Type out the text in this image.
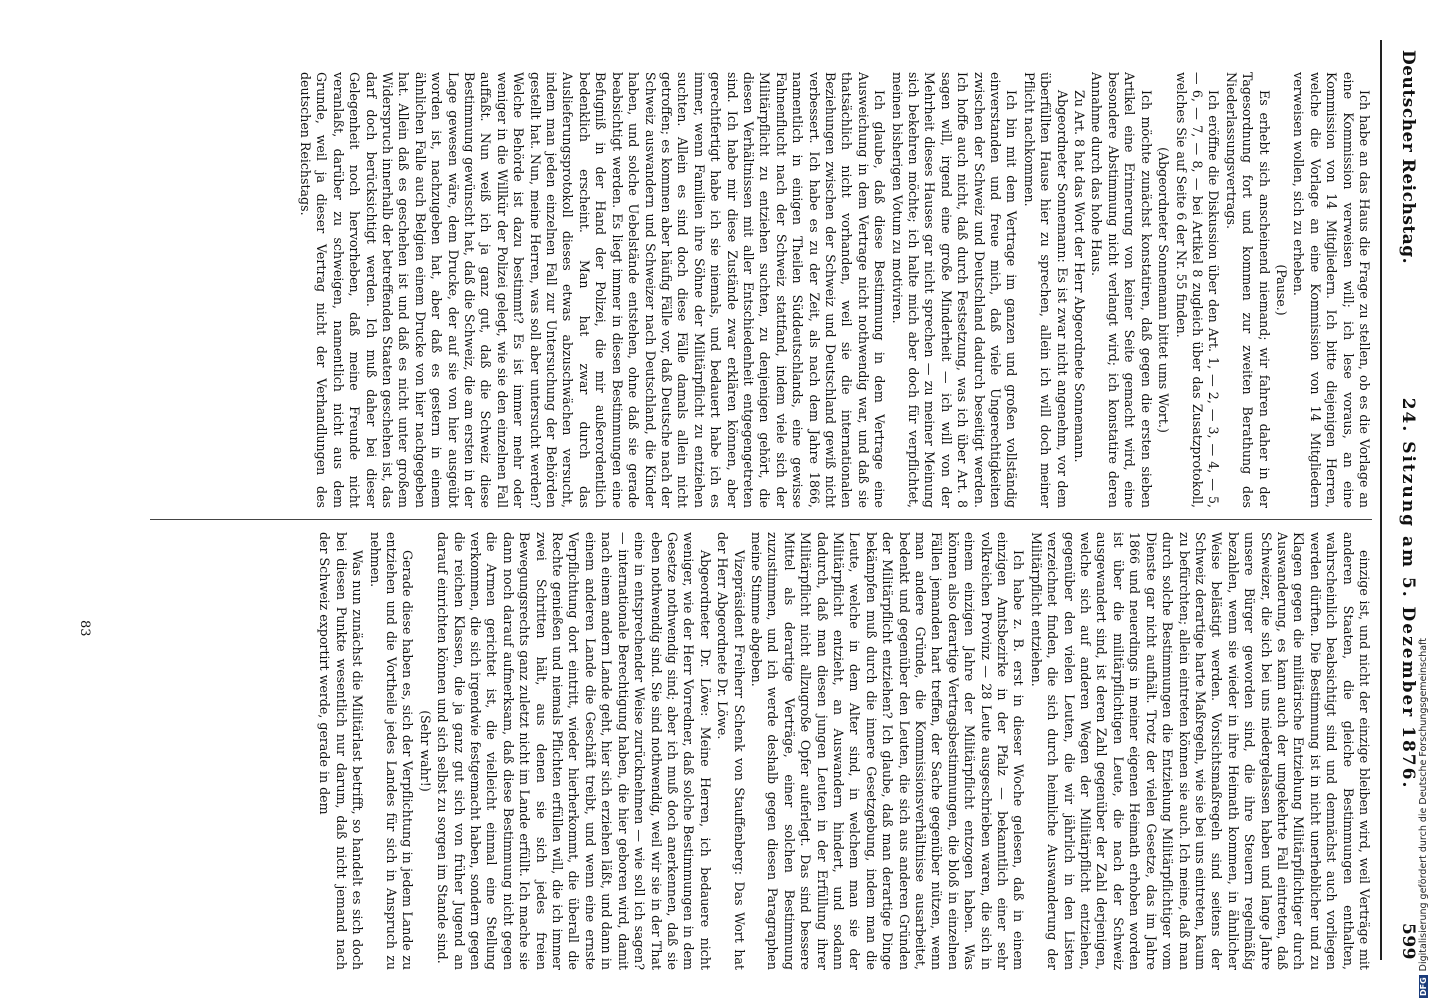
Deutscher Reichstag.
24. Sitzung am 5. Dezember 1876.
599

Ich habe an das Haus die Frage zu stellen, ob es die Vorlage an eine Kommission verweisen will; ich lese voraus, an eine Kommission von 14 Mitgliedern. Ich bitte diejenigen Herren, welche die Vorlage an eine Kommission von 14 Mitgliedern verweisen wollen, sich zu erheben.

(Pause.)

Es erhebt sich anscheinend niemand; wir fahren daher in der Tagesordnung fort und kommen zur zweiten Berathung des Niederlassungsvertrags.

Ich eröffne die Diskussion über den Art. 1, — 2, — 3, — 4, — 5, — 6, — 7, — 8, — bei Artikel 8 zugleich über das Zusatzprotokoll, welches Sie auf Seite 6 der Nr. 55 finden.

(Abgeordneter Sonnemann bittet ums Wort.)

Ich möchte zunächst konstatiren, daß gegen die ersten sieben Artikel eine Erinnerung von keiner Seite gemacht wird, eine besondere Abstimmung nicht verlangt wird; ich konstatire deren Annahme durch das hohe Haus.

Zu Art. 8 hat das Wort der Herr Abgeordnete Sonnemann.

Abgeordneter Sonnemann: Es ist zwar nicht angenehm, vor dem überfüllten Hause hier zu sprechen, allein ich will doch meiner Pflicht nachkommen.

Ich bin mit dem Vertrage im ganzen und großen vollständig einverstanden und freue mich, daß viele Ungerechtigkeiten zwischen der Schweiz und Deutschland dadurch beseitigt werden. Ich hoffe auch nicht, daß durch Festsetzung, was ich über Art. 8 sagen will, irgend eine große Minderheit — ich will von der Mehrheit dieses Hauses gar nicht sprechen — zu meiner Meinung sich bekehren möchte; ich halte mich aber doch für verpflichtet, meinen bisherigen Votum zu motiviren.

Ich glaube, daß diese Bestimmung in dem Vertrage eine Ausweichung in dem Vertrage nicht nothwendig war, und daß sie thatsächlich nicht vorhanden, weil sie die internationalen Beziehungen zwischen der Schweiz und Deutschland gewiß nicht verbessert. Ich habe es zu der Zeit, als nach dem Jahre 1866, namentlich in einigen Theilen Süddeutschlands, eine gewisse Fahnenflucht nach der Schweiz stattfand, indem viele sich der Militärpflicht zu entziehen suchten, zu denjenigen gehört, die diesen Verhältnissen mit aller Entschiedenheit entgegengetreten sind. Ich habe mir diese Zustände zwar erklären können, aber gerechtfertigt habe ich sie niemals, und bedauert habe ich es immer, wenn Familien ihre Söhne der Militärpflicht zu entziehen suchten. Allein es sind doch diese Fälle damals allein nicht getroffen; es kommen aber häufig Fälle vor, daß Deutsche nach der Schweiz auswandern und Schweizer nach Deutschland, die Kinder haben, und solche Uebelstände entstehen, ohne daß sie gerade beabsichtigt werden. Es liegt immer in diesen Bestimmungen eine Befugniß in der Hand der Polizei, die mir außerordentlich bedenklich erscheint. Man hat zwar durch das Auslieferungsprotokoll dieses etwas abzuschwächen versucht, indem man jeden einzelnen Fall zur Untersuchung der Behörden gestellt hat. Nun, meine Herren, was soll aber untersucht werden? Welche Behörde ist dazu bestimmt? Es ist immer mehr oder weniger in die Willkür der Polizei gelegt, wie sie den einzelnen Fall auffaßt. Nun weiß ich ja ganz gut, daß die Schweiz diese Bestimmung gewünscht hat, daß die Schweiz, die am ersten in der Lage gewesen wäre, dem Drucke, der auf sie von hier ausgeübt worden ist, nachzugeben hat, aber daß es gestern in einem ähnlichen Falle auch Belgien einem Drucke von hier nachgegeben hat. Allein daß es geschehen ist und daß es nicht unter großem Widerspruch innerhalb der betreffenden Staaten geschehen ist, das darf doch berücksichtigt werden. Ich muß daher bei dieser Gelegenheit noch hervorheben, daß meine Freunde nicht veranlaßt, darüber zu schweigen, namentlich nicht aus dem Grunde, weil ja dieser Vertrag nicht der Verhandlungen des deutschen Reichstags.

einzige ist, und nicht der einzige bleiben wird, weil Verträge mit anderen Staaten, die gleiche Bestimmungen enthalten, wahrscheinlich beabsichtigt sind und demnächst auch vorliegen werden dürften. Die Bestimmung ist in nicht unerheblicher und zu Klagen gegen die militärische Entziehung Militärpflichtiger durch Auswanderung, es kann auch der umgekehrte Fall eintreten, daß Schweizer, die sich bei uns niedergelassen haben und lange Jahre unsere Bürger geworden sind, die ihre Steuern regelmäßig bezahlen, wenn sie wieder in ihre Heimath kommen, in ähnlicher Weise belästigt werden. Vorsichtsmaßregeln sind seitens der Schweiz derartige harte Maßregeln, wie sie bei uns eintreten, kaum zu befürchten; allein eintreten können sie auch. Ich meine, daß man durch solche Bestimmungen die Entziehung Militärpflichtiger vom Dienste gar nicht aufhält. Trotz der vielen Gesetze, das im Jahre 1866 und neuerdings in meiner eigenen Heimath erhoben worden ist über die militärpflichtigen Leute, die nach der Schweiz ausgewandert sind, ist deren Zahl gegenüber der Zahl derjenigen, welche sich auf anderen Wegen der Militärpflicht entziehen, gegenüber den vielen Leuten, die wir jährlich in den Listen verzeichnet finden, die sich durch heimliche Auswanderung der Militärpflicht entziehen.

Ich habe z. B. erst in dieser Woche gelesen, daß in einem einzigen Amtsbezirke in der Pfalz — bekanntlich einer sehr volkreichen Provinz — 28 Leute ausgeschrieben waren, die sich in einem einzigen Jahre der Militärpflicht entzogen haben. Was können also derartige Vertragsbestimmungen, die bloß in einzelnen Fällen jemanden hart treffen, der Sache gegenüber nützen, wenn man andere Gründe, die Kommissionsverhältnisse ausarbeitet, bedenkt und gegenüber den Leuten, die sich aus anderen Gründen der Militärpflicht entziehen? Ich glaube, daß man derartige Dinge bekämpfen muß durch die innere Gesetzgebung, indem man die Leute, welche in dem Alter sind, in welchem man sie der Militärpflicht entzieht, an Auswandern hindert, und sodann dadurch, daß man diesen jungen Leuten in der Erfüllung ihrer Militärpflicht nicht allzugroße Opfer auferlegt. Das sind bessere Mittel als derartige Verträge, einer solchen Bestimmung zuzustimmen, und ich werde deshalb gegen diesen Paragraphen meine Stimme abgeben.

Vizepräsident Freiherr Schenk von Stauffenberg: Das Wort hat der Herr Abgeordnete Dr. Löwe.

Abgeordneter Dr. Löwe: Meine Herren, ich bedauere nicht weniger, wie der Herr Vorredner, daß solche Bestimmungen in dem Gesetze nothwendig sind; aber ich muß doch anerkennen, daß sie eben nothwendig sind. Sie sind nothwendig, weil wir sie in der That eine in entsprechender Weise zurücknehmen — wie soll ich sagen? — internationale Berechtigung haben, die hier geboren wird, damit nach einem andern Lande geht, hier sich erziehen läßt, und dann in einem anderen Lande die Geschäft treibt, und wenn eine ernste Verpflichtung dort eintritt, wieder hierherkommt, die überall die Rechte genießen und niemals Pflichten erfüllen will, die ich immer zwei Schritten hält, aus denen sie sich jedes freien Bewegungsrechts ganz zuletzt nicht im Lande erfüllt. Ich mache sie dann noch darauf aufmerksam, daß diese Bestimmung nicht gegen die Armen gerichtet ist, die vielleicht einmal eine Stellung verkommen, die sich irgendwie festgemacht haben, sondern gegen die reichen Klassen, die ja ganz gut sich von früher Jugend an darauf einrichten können und sich selbst zu sorgen im Stande sind.

(Sehr wahr!)

Gerade diese haben es, sich der Verpflichtung in jedem Lande zu entziehen und die Vortheile jedes Landes für sich in Anspruch zu nehmen.

Was nun zunächst die Militärlast betrifft, so handelt es sich doch bei diesen Punkte wesentlich nur darum, daß nicht jemand nach der Schweiz exportirt werde, gerade in dem

83
DFGDigitalisierung gefördert durch die Deutsche Forschungsgemeinschaft
